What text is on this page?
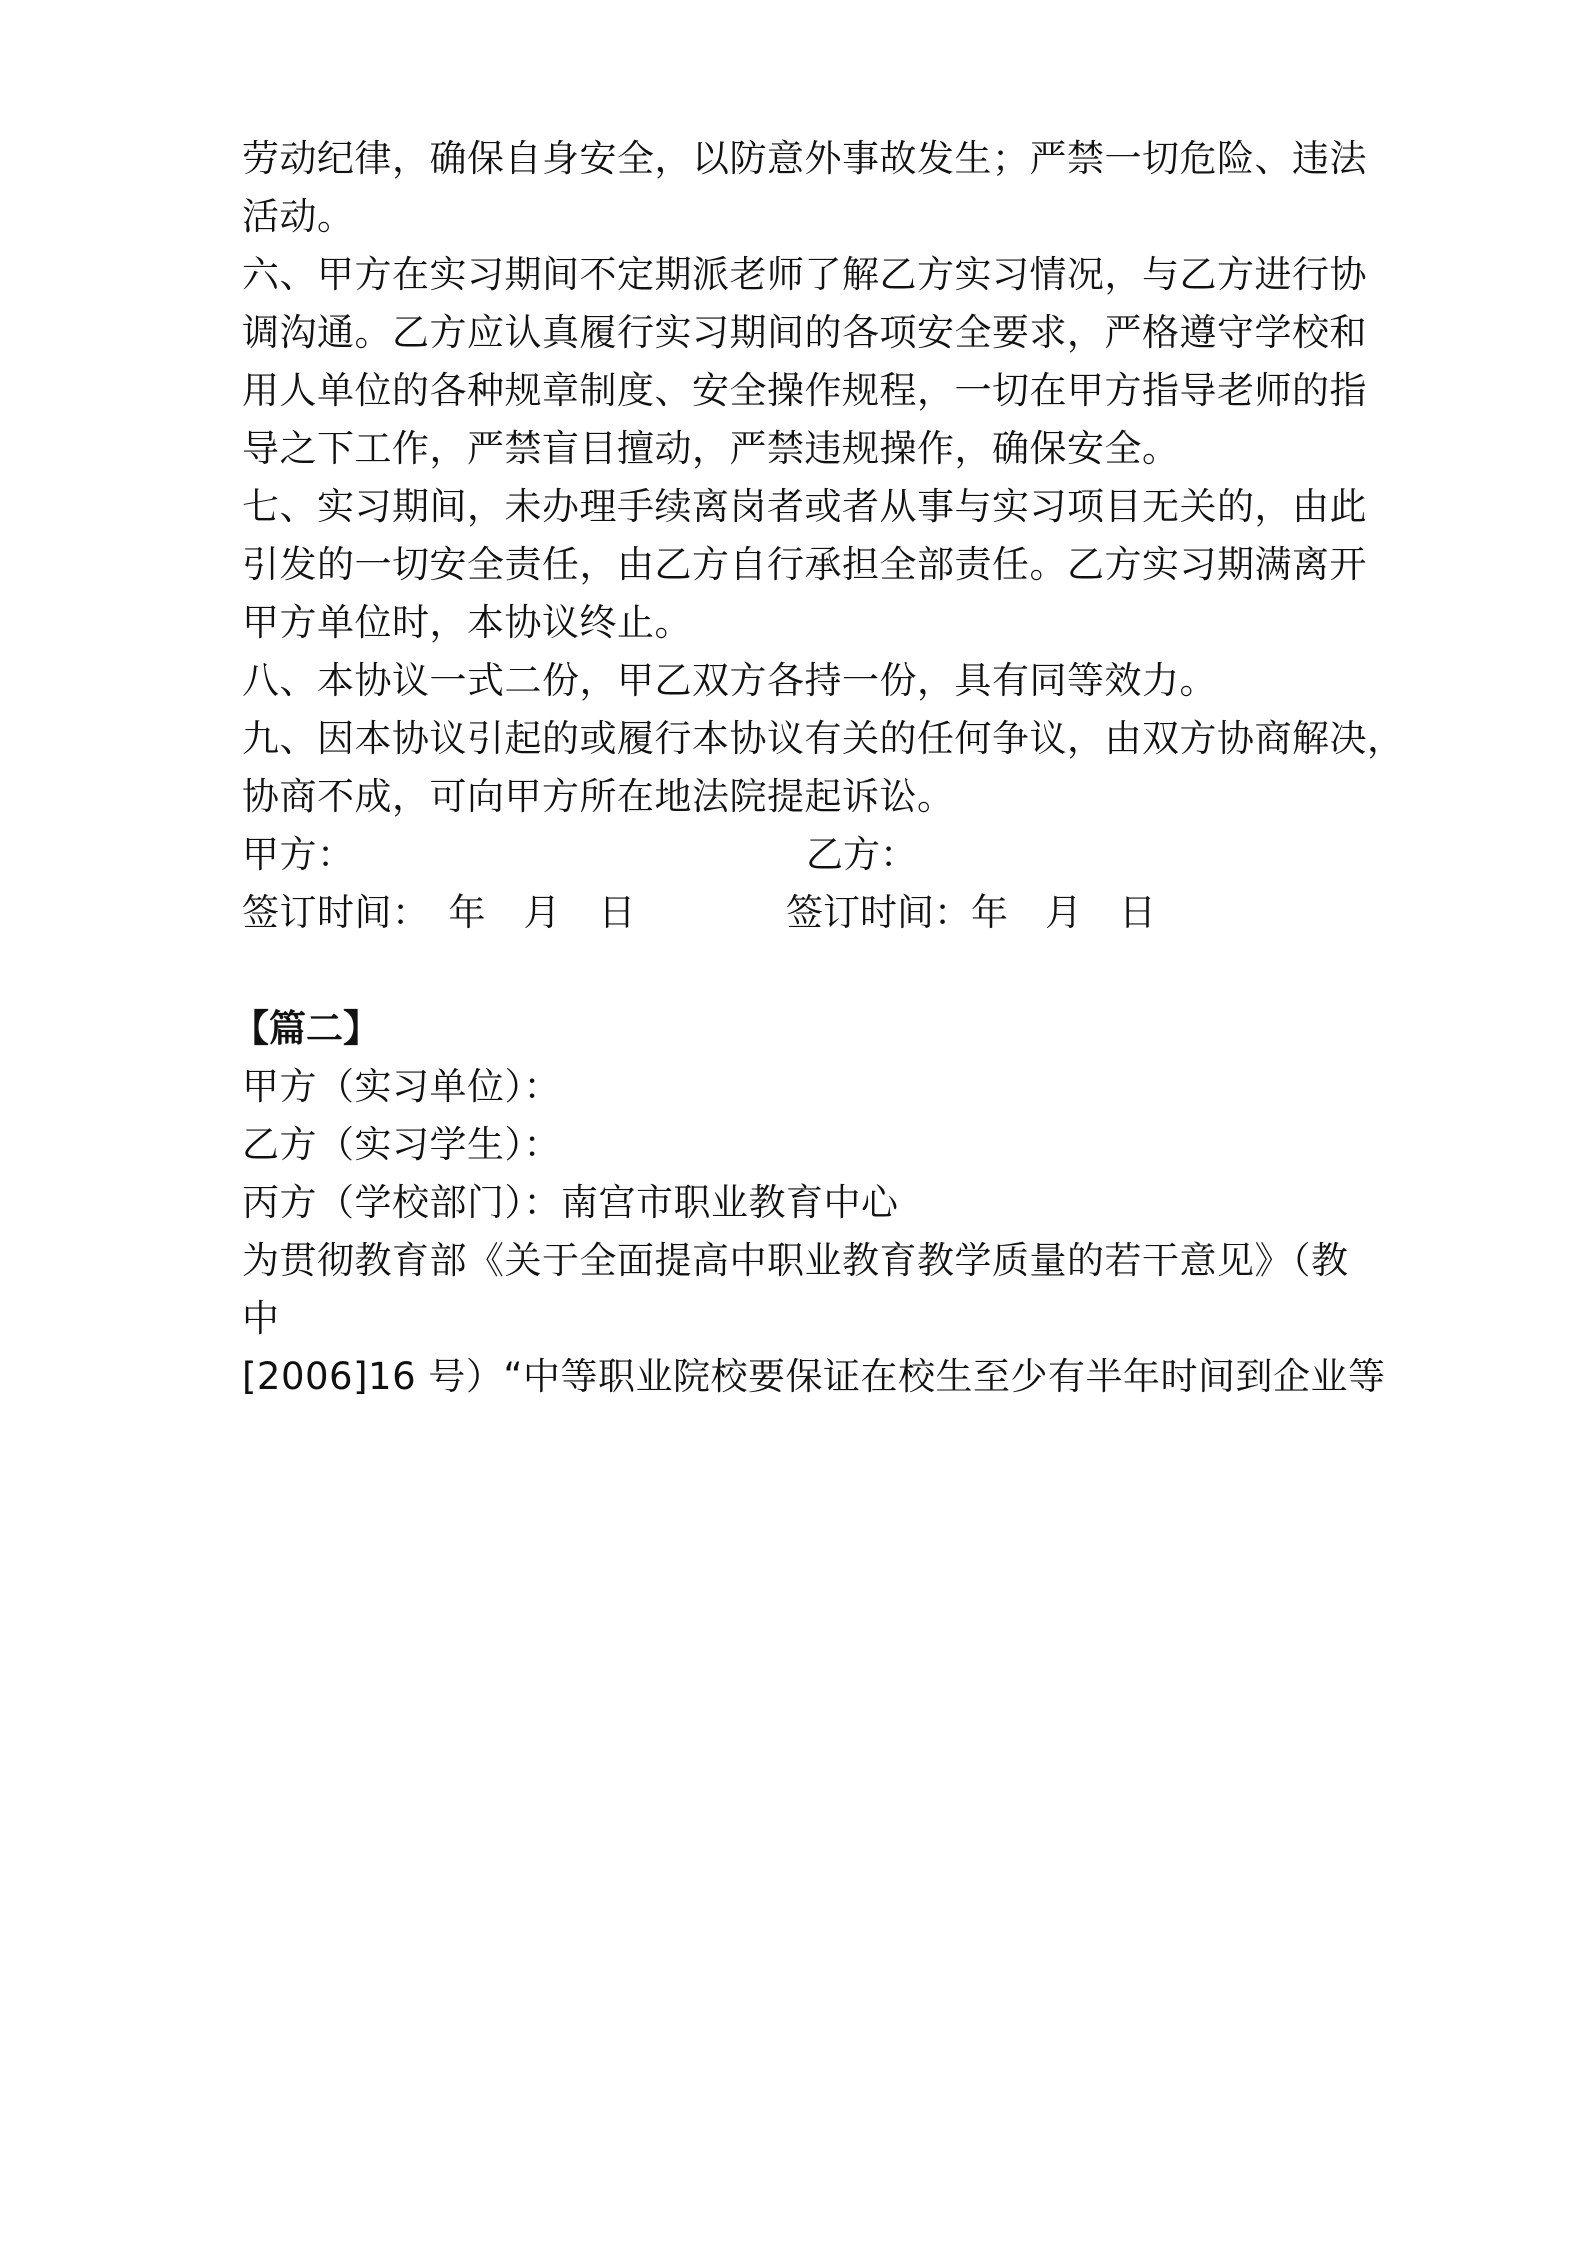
劳动纪律，确保自身安全，以防意外事故发生；严禁一切危险、违法
活动。
六、甲方在实习期间不定期派老师了解乙方实习情况，与乙方进行协
调沟通。乙方应认真履行实习期间的各项安全要求，严格遵守学校和
用人单位的各种规章制度、安全操作规程，一切在甲方指导老师的指
导之下工作，严禁盲目擅动，严禁违规操作，确保安全。
七、实习期间，未办理手续离岗者或者从事与实习项目无关的，由此
引发的一切安全责任，由乙方自行承担全部责任。乙方实习期满离开
甲方单位时，本协议终止。
八、本协议一式二份，甲乙双方各持一份，具有同等效力。
九、因本协议引起的或履行本协议有关的任何争议，由双方协商解决，
协商不成，可向甲方所在地法院提起诉讼。
甲方：	乙方：
签订时间：　年　月　日	签订时间：年　月　日
【篇二】
甲方（实习单位）：
乙方（实习学生）：
丙方（学校部门）：南宫市职业教育中心
为贯彻教育部《关于全面提高中职业教育教学质量的若干意见》（教
中
[2006]16 号）“中等职业院校要保证在校生至少有半年时间到企业等
